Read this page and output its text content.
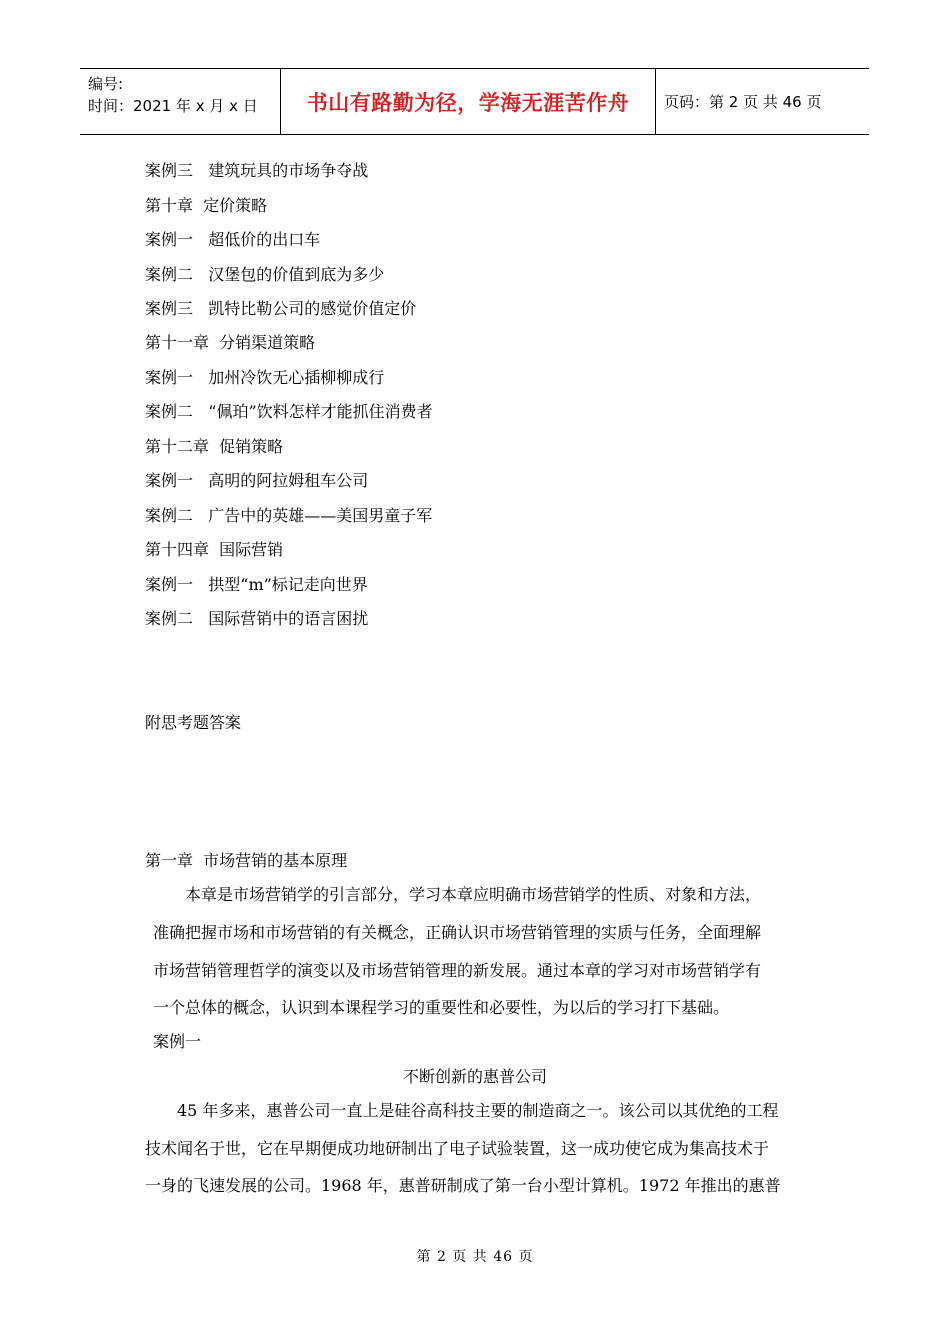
编号:
时间：2021 年 x 月 x 日	书山有路勤为径，学海无涯苦作舟	页码：第 2 页 共 46 页
案例三   建筑玩具的市场争夺战
第十章  定价策略
案例一   超低价的出口车
案例二   汉堡包的价值到底为多少
案例三   凯特比勒公司的感觉价值定价
第十一章  分销渠道策略
案例一   加州冷饮无心插柳柳成行
案例二   “佩珀”饮料怎样才能抓住消费者
第十二章  促销策略
案例一   高明的阿拉姆租车公司
案例二   广告中的英雄——美国男童子军
第十四章  国际营销
案例一   拱型“m”标记走向世界
案例二   国际营销中的语言困扰
附思考题答案
第一章  市场营销的基本原理
本章是市场营销学的引言部分，学习本章应明确市场营销学的性质、对象和方法，
准确把握市场和市场营销的有关概念，正确认识市场营销管理的实质与任务，全面理解
市场营销管理哲学的演变以及市场营销管理的新发展。通过本章的学习对市场营销学有
一个总体的概念，认识到本课程学习的重要性和必要性，为以后的学习打下基础。
案例一
不断创新的惠普公司
45 年多来，惠普公司一直上是硅谷高科技主要的制造商之一。该公司以其优绝的工程
技术闻名于世，它在早期便成功地研制出了电子试验装置，这一成功使它成为集高技术于
一身的飞速发展的公司。1968 年，惠普研制成了第一台小型计算机。1972 年推出的惠普
第 2 页 共 46 页
